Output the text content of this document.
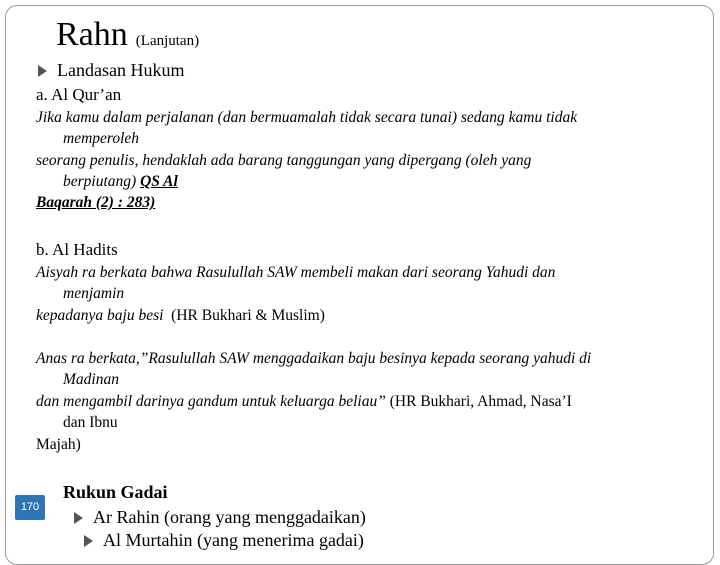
Rahn (Lanjutan)
Landasan Hukum
a. Al Qur’an
Jika kamu dalam perjalanan (dan bermuamalah tidak secara tunai) sedang kamu tidak
memperoleh
seorang penulis, hendaklah ada barang tanggungan yang dipergang (oleh yang
berpiutang) QS Al
Baqarah (2) : 283)
b. Al Hadits
Aisyah ra berkata bahwa Rasulullah SAW membeli makan dari seorang Yahudi dan
menjamin
kepadanya baju besi (HR Bukhari & Muslim)
Anas ra berkata,”Rasulullah SAW menggadaikan baju besinya kepada seorang yahudi di
Madinan
dan mengambil darinya gandum untuk keluarga beliau” (HR Bukhari, Ahmad, Nasa’I
dan Ibnu
Majah)
170
Rukun Gadai
Ar Rahin (orang yang menggadaikan)
Al Murtahin (yang menerima gadai)
